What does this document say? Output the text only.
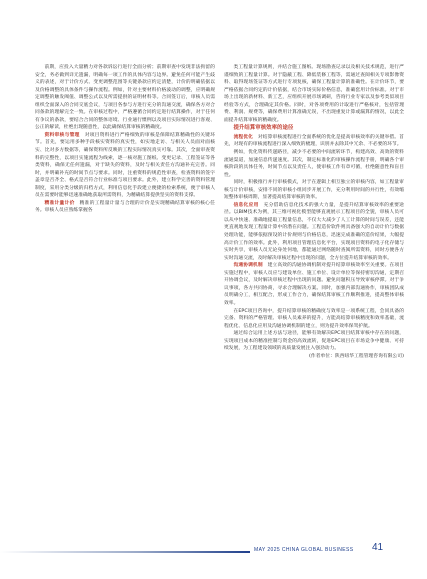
前期，应投入大量精力对各款诉讼行进行全面分析；前期审查中发现非法拘留的安全，务必做到详无遗漏，明确每一项工作的具体内容与边界。避免任何可能产生歧义的表述，对于计价方式、变更调整范围等关键条款应约定清楚，计价的明确依据以及价格调整的具体条件与操作流程。例如，针对主要材料价格波动的调整，应明确规定调整的触发阈值、调整公式以及所需提供的证明材料等。合同签订后，审核人员需组织全面深入的合同交底会议，与项目各参与方进行充分的沟通交流，确保各方对合同条款的理解完全一致。在审核过程中，严格遵循合同约定进行结算操作，对于任何有争议的条款，要结合合同的整体语境、行业通行惯例以及项目实际情况进行客观、公正的解读，杜绝出现随意性，以此确保结算审核的精确度。

资料审核与管理　 对项目资料进行严格细致的审核是保障结算精确性的关键环节。首先，要运用多种手段核实资料的真实性，如实地走访、与相关人员面对面核实、比对多方数据等，确保资料所反映的工程实际情况真实可靠。其次，全面审查资料的完整性，以项目实施流程为线索，逐一核对施工图纸、变更记录、工程签证等各类资料，确保无任何遗漏，对于缺失的资料，及时与相关责任方沟通补充完善。同时，并明确补充的时间节点与要求。同时，注重资料的规范性审查，检查资料的签字盖章是否齐全、格式是否符合行业标准与项目要求。此外，建立科学完善的资料管理制度，采用分类分级的归档方式，利用信息化手段建立便捷的检索系统，便于审核人员在需要时能够迅速准确地获取所需资料，为精确结算提供坚实的资料支撑。

精准计量计价　 精准的工程量计量与合理的计价是实现精确结算审核的核心任务。审核人员应熟练掌握各

类工程量计算规则，并结合施工图纸、现场勘查记录以及相关技术规范，进行严谨细致的工程量计算。对于隐蔽工程、降低装修工程等，需通过查阅相关专项影像资料、取得现场签证等方式进行专项复核，确保工程量计算的准确性。在计价环节，要严格依据合同约定的计价依据，结合市场实际价格信息，准确套用计价标准。对于市场上出现的新材料、新工艺，应组织开展市场调研，咨询行业专家以及参考类似项目经验等方式，合理确定其价格。同时，对各项费用的计取进行严格核对，包括管理费、利润、规费等，确保费用计算准确无误，不出现重复计算或漏算的情况，以此全面提升结算审核的精确度。

提升结算审核效率的途径

流程优化　 对结算审核流程进行全面系统的优化是提高审核效率的关键举措。首先，对现有的审核流程进行深入细致的梳理，识别并去除其中冗余、不必要的环节。

例如，优化资料传递路径，减少不必要的中间流转环节，构建高效、高效的资料流通渠道，加速信息传递速度。其次，制定标准化的审核操作流程手册，明确各个审核阶段的具体任务，时间节点以及责任人，使审核工作有章可循，杜绝随意性和盲目性。

同时，积极推行并行审核模式，对于在逻辑上相互独立的审核内容，如工程量审核与计价审核，安排不同的审核小组同步开展工作，充分利用时间的并行性，有效缩短整体审核周期，显著提高结算审核的效率。

信息化应用　 充分借助信息化技术的强大力量，是提升结算审核效率的重要途径。以BIM技术为例，其三维可视化模型能够直观展示工程项目的全貌，审核人员可以从中快速、准确地提取工程量信息，不仅大大减少了人工计算的时间与误差，还能更直观地发现工程量计算中的潜在问题。工程造价软件则具备强大的自动计价与数据处理功能，能够依据预设的计价规则与价格信息，迅速完成准确的造价结果，大幅提高计价工作的效率。此外，利用项目管理信息化平台，实现项目资料的电子化存储与实时共享，审核人员无论身处何地，都能通过网络随时查阅所需资料，同时方便各方实时沟通交流，及时解决审核过程中出现的问题，全方位提升结算审核的效率。

沟通协调机制　 建立高效的沟通协调机制对提升结算审核效率至关重要。在项目实施过程中，审核人员应与建设单位、施工单位、设计单位等保持密切沟通，定期召开协调会议，及时解决审核过程中出现的问题。避免问题积压导致审核停滞。对于争议事项，各方共同协商，寻求合理解决方案。同时，加强内部沟通协作，审核团队成员明确分工，相互配合，形成工作合力，确保结算审核工作顺利推进，提高整体审核效率。

在EPC项目咨询中，提升结算审核的精确度与效率是一项系统工程，会同具备的完备、资料的严格管理、审核人员素养的提升，方能高结算审核精度和效率基础，流程优化、信息化应用及沟通协调机制的建立，则为提升效率保驾护航。

通过综合运用上述方法与途径，能够有效解决EPC项目结算审核中存在的问题，实现项目成本的精准控制与资金的高效流转，促进EPC项目在市场竞争中健康、可持续发展，为工程建设领域的高质量发展注入强劲动力。

(作者单位：陕西纽华工程管理咨询有限公司)

MAY 2025 CHINA GLOBAL BUSINESS 41
